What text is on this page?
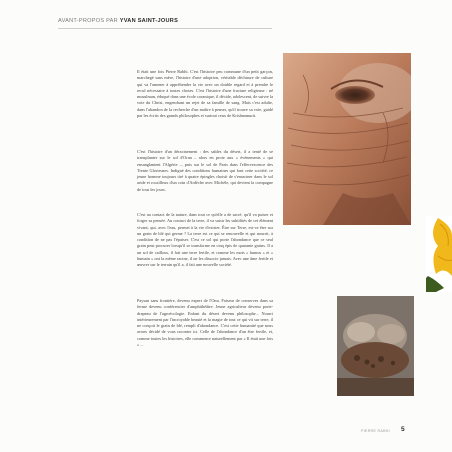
AVANT-PROPOS PAR YVAN SAINT-JOURS

Il était une fois Pierre Rabhi. C'est l'histoire peu commune d'un petit garçon, marchegé sans mère, l'histoire d'une adoption, véritable déchirure de culture qui va l'amener à appréhender la vie avec un double regard et à prendre le recul nécessaire à toutes choses. C'est l'histoire d'une fracture religieuse : né musulman, éduqué dans une école coranique, il décide, adolescent, de suivre la voie du Christ, engendrant un rejet de sa famille de sang. Mais c'est adulte, dans l'abandon de la recherche d'un maître à penser, qu'il trouve sa voie, guidé par les écrits des grands philosophes et surtout ceux de Krishnamurti.

C'est l'histoire d'un déracinement : des sables du désert, il a tenté de se transplanter sur le sol d'Oran – alors en proie aux « événements » qui ensanglantent l'Algérie –, puis sur le sol de Paris dans l'effervescence des Trente Glorieuses. Indigné des conditions humaines qui font cette société, ce jeune homme toujours tiré à quatre épingles choisit de s'enraciner dans le sol aride et rocailleux d'un coin d'Ardèche avec Michèle, qui devient la compagne de tous les jours.

C'est au contact de la nature, dans tout ce qu'elle a de sacré, qu'il va puiser et forger sa pensée. Au contact de la terre, il va saisir les subtilités de cet élément vivant, qui, avec l'eau, permet à la vie d'exister. Être sur Terre, est-ce être sur un grain de blé qui germe ? La terre est ce qui se renouvelle et qui nourrit, à condition de ne pas l'épuiser. C'est ce sol qui porte l'abondance que ce seul grain peut procurer lorsqu'il se transforme en cinq épis de quarante grains. Il a un sol de caillous, il fait une terre fertile, et comme les mots « humus » et « humain » ont la même racine, il ne les dissocie jamais. Avec une âme fertile et œuvrer sur le terrain qu'il a, il fait une nouvelle société.

Paysan sans frontière, devenu expert de l'Onu. Faiseur de conserves dans sa ferme devenu conférencier d'amphithéâtre. Jeune agriculteur devenu porte-drapeau de l'agroécologie. Enfant du désert devenu philosophe... Nourri intérieurement par l'incroyable beauté et la magie de tout ce qui vit sur terre, il ne conçoit le grain de blé, rempli d'abondance. C'est cette humanité que nous avons décidé de vous raconter ici. Celle de l'abondance d'un être fertile, et, comme toutes les histoires, elle commence naturellement par « Il était une fois » ...

PIERRE RABHI 5
